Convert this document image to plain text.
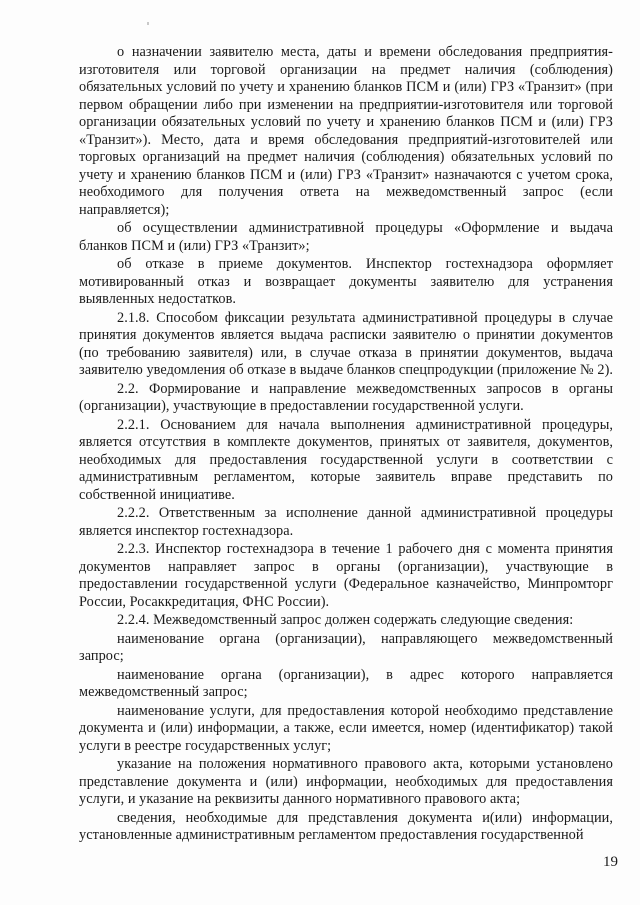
о назначении заявителю места, даты и времени обследования предприятия-изготовителя или торговой организации на предмет наличия (соблюдения) обязательных условий по учету и хранению бланков ПСМ и (или) ГРЗ «Транзит» (при первом обращении либо при изменении на предприятии-изготовителя или торговой организации обязательных условий по учету и хранению бланков ПСМ и (или) ГРЗ «Транзит»). Место, дата и время обследования предприятий-изготовителей или торговых организаций на предмет наличия (соблюдения) обязательных условий по учету и хранению бланков ПСМ и (или) ГРЗ «Транзит» назначаются с учетом срока, необходимого для получения ответа на межведомственный запрос (если направляется);

об осуществлении административной процедуры «Оформление и выдача бланков ПСМ и (или) ГРЗ «Транзит»;

об отказе в приеме документов. Инспектор гостехнадзора оформляет мотивированный отказ и возвращает документы заявителю для устранения выявленных недостатков.

2.1.8. Способом фиксации результата административной процедуры в случае принятия документов является выдача расписки заявителю о принятии документов (по требованию заявителя) или, в случае отказа в принятии документов, выдача заявителю уведомления об отказе в выдаче бланков спецпродукции (приложение № 2).

2.2. Формирование и направление межведомственных запросов в органы (организации), участвующие в предоставлении государственной услуги.

2.2.1. Основанием для начала выполнения административной процедуры, является отсутствия в комплекте документов, принятых от заявителя, документов, необходимых для предоставления государственной услуги в соответствии с административным регламентом, которые заявитель вправе представить по собственной инициативе.

2.2.2. Ответственным за исполнение данной административной процедуры является инспектор гостехнадзора.

2.2.3. Инспектор гостехнадзора в течение 1 рабочего дня с момента принятия документов направляет запрос в органы (организации), участвующие в предоставлении государственной услуги (Федеральное казначейство, Минпромторг России, Росаккредитация, ФНС России).

2.2.4. Межведомственный запрос должен содержать следующие сведения:

наименование органа (организации), направляющего межведомственный запрос;

наименование органа (организации), в адрес которого направляется межведомственный запрос;

наименование услуги, для предоставления которой необходимо представление документа и (или) информации, а также, если имеется, номер (идентификатор) такой услуги в реестре государственных услуг;

указание на положения нормативного правового акта, которыми установлено представление документа и (или) информации, необходимых для предоставления услуги, и указание на реквизиты данного нормативного правового акта;

сведения, необходимые для представления документа и(или) информации, установленные административным регламентом предоставления государственной

19
